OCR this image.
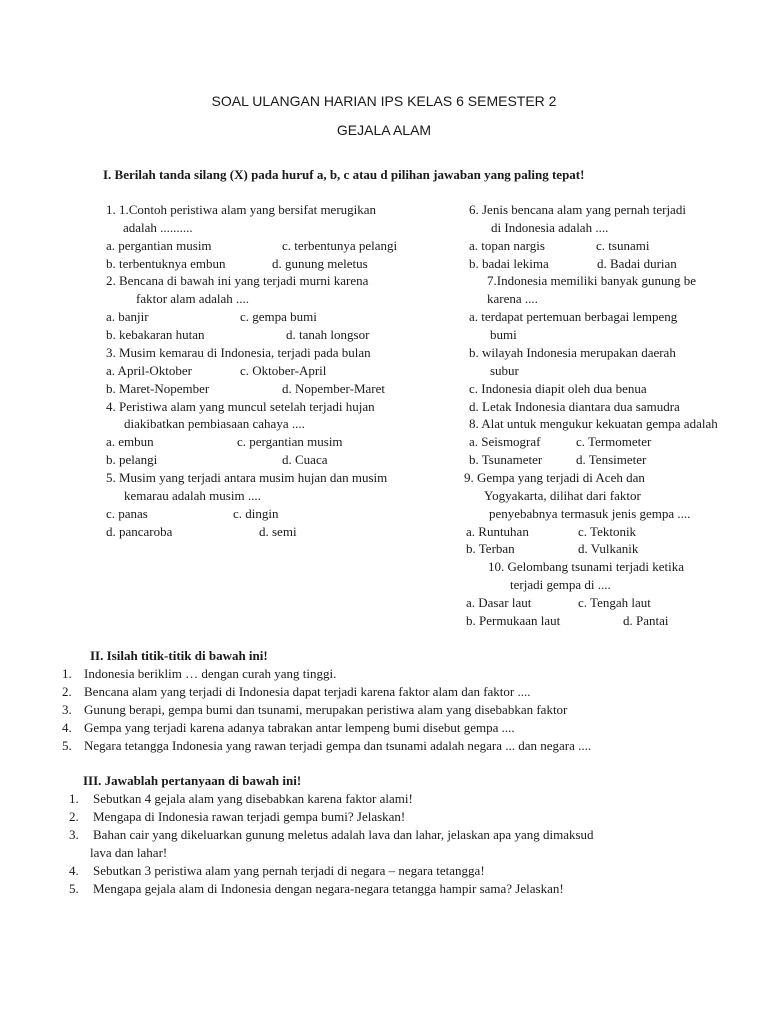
SOAL ULANGAN HARIAN IPS KELAS 6 SEMESTER 2
GEJALA ALAM
I. Berilah tanda silang (X) pada huruf a, b, c atau d pilihan jawaban yang paling tepat!
1. 1.Contoh peristiwa alam yang bersifat merugikan
adalah ..........
a. pergantian musim	c. terbentunya pelangi
b. terbentuknya embun	d. gunung meletus
2. Bencana di bawah ini yang terjadi murni karena
faktor alam adalah ....
a. banjir	c. gempa bumi
b. kebakaran hutan	d. tanah longsor
3. Musim kemarau di Indonesia, terjadi pada bulan
a. April-Oktober	c. Oktober-April
b. Maret-Nopember	d. Nopember-Maret
4. Peristiwa alam yang muncul setelah terjadi hujan
diakibatkan pembiasaan cahaya ....
a. embun	c. pergantian musim
b. pelangi	d. Cuaca
5. Musim yang terjadi antara musim hujan dan musim
kemarau adalah musim ....
c. panas	c. dingin
d. pancaroba	d. semi
6. Jenis bencana alam yang pernah terjadi
di Indonesia adalah ....
a. topan nargis	c. tsunami
b. badai lekima	d. Badai durian
7.Indonesia memiliki banyak gunung be
karena ....
a. terdapat pertemuan berbagai lempeng
bumi
b. wilayah Indonesia merupakan daerah
subur
c. Indonesia diapit oleh dua benua
d. Letak Indonesia diantara dua samudra
8. Alat untuk mengukur kekuatan gempa adalah
a. Seismograf	c. Termometer
b. Tsunameter	d. Tensimeter
9. Gempa yang terjadi di Aceh dan
Yogyakarta, dilihat dari faktor
penyebabnya termasuk jenis gempa ....
a. Runtuhan	c. Tektonik
b. Terban	d. Vulkanik
10. Gelombang tsunami terjadi ketika
terjadi gempa di ....
a. Dasar laut	c. Tengah laut
b. Permukaan laut	d. Pantai
II. Isilah titik-titik di bawah ini!
1. Indonesia beriklim … dengan curah yang tinggi.
2. Bencana alam yang terjadi di Indonesia dapat terjadi karena faktor alam dan faktor ....
3. Gunung berapi, gempa bumi dan tsunami, merupakan peristiwa alam yang disebabkan faktor
4. Gempa yang terjadi karena adanya tabrakan antar lempeng bumi disebut gempa ....
5. Negara tetangga Indonesia yang rawan terjadi gempa dan tsunami adalah negara ... dan negara ....
III. Jawablah pertanyaan di bawah ini!
1. Sebutkan 4 gejala alam yang disebabkan karena faktor alami!
2. Mengapa di Indonesia rawan terjadi gempa bumi? Jelaskan!
3. Bahan cair yang dikeluarkan gunung meletus adalah lava dan lahar, jelaskan apa yang dimaksud
lava dan lahar!
4. Sebutkan 3 peristiwa alam yang pernah terjadi di negara – negara tetangga!
5. Mengapa gejala alam di Indonesia dengan negara-negara tetangga hampir sama? Jelaskan!
